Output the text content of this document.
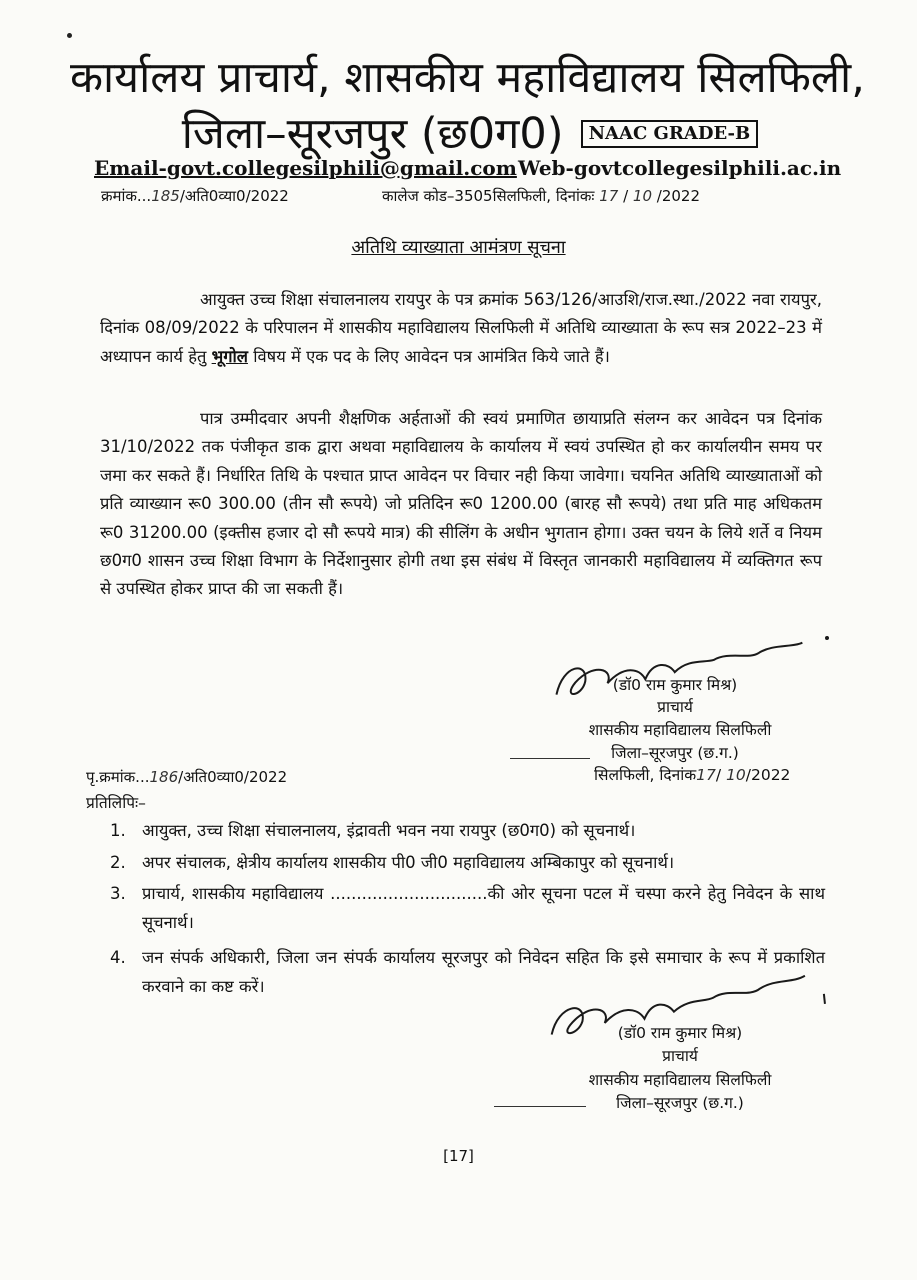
कार्यालय प्राचार्य, शासकीय महाविद्यालय सिलफिली,
जिला–सूरजपुर (छ0ग0) NAAC GRADE-B
Email-govt.collegesilphili@gmail.com Web-govtcollegesilphili.ac.in
क्रमांक...185/अति0व्या0/2022	कालेज कोड–3505सिलफिली, दिनांकः 17 / 10 /2022
अतिथि व्याख्याता आमंत्रण सूचना
आयुक्त उच्च शिक्षा संचालनालय रायपुर के पत्र क्रमांक 563/126/आउशि/राज.स्था./2022 नवा रायपुर, दिनांक 08/09/2022 के परिपालन में शासकीय महाविद्यालय सिलफिली में अतिथि व्याख्याता के रूप सत्र 2022–23 में अध्यापन कार्य हेतु भूगोल विषय में एक पद के लिए आवेदन पत्र आमंत्रित किये जाते हैं।
पात्र उम्मीदवार अपनी शैक्षणिक अर्हताओं की स्वयं प्रमाणित छायाप्रति संलग्न कर आवेदन पत्र दिनांक 31/10/2022 तक पंजीकृत डाक द्वारा अथवा महाविद्यालय के कार्यालय में स्वयं उपस्थित हो कर कार्यालयीन समय पर जमा कर सकते हैं। निर्धारित तिथि के पश्चात प्राप्त आवेदन पर विचार नही किया जावेगा। चयनित अतिथि व्याख्याताओं को प्रति व्याख्यान रू0 300.00 (तीन सौ रूपये) जो प्रतिदिन रू0 1200.00 (बारह सौ रूपये) तथा प्रति माह अधिकतम रू0 31200.00 (इक्तीस हजार दो सौ रूपये मात्र) की सीलिंग के अधीन भुगतान होगा। उक्त चयन के लिये शर्ते व नियम छ0ग0 शासन उच्च शिक्षा विभाग के निर्देशानुसार होगी तथा इस संबंध में विस्तृत जानकारी महाविद्यालय में व्यक्तिगत रूप से उपस्थित होकर प्राप्त की जा सकती हैं।
(डॉ0 राम कुमार मिश्र)
प्राचार्य
शासकीय महाविद्यालय सिलफिली
जिला–सूरजपुर (छ.ग.)
सिलफिली, दिनांक17/ 10/2022
पृ.क्रमांक...186/अति0व्या0/2022
प्रतिलिपिः–
1. आयुक्त, उच्च शिक्षा संचालनालय, इंद्रावती भवन नया रायपुर (छ0ग0) को सूचनार्थ।
2. अपर संचालक, क्षेत्रीय कार्यालय शासकीय पी0 जी0 महाविद्यालय अम्बिकापुर को सूचनार्थ।
3. प्राचार्य, शासकीय महाविद्यालय ..............................की ओर सूचना पटल में चस्पा करने हेतु निवेदन के साथ सूचनार्थ।
4. जन संपर्क अधिकारी, जिला जन संपर्क कार्यालय सूरजपुर को निवेदन सहित कि इसे समाचार के रूप में प्रकाशित करवाने का कष्ट करें।
(डॉ0 राम कुमार मिश्र)
प्राचार्य
शासकीय महाविद्यालय सिलफिली
जिला–सूरजपुर (छ.ग.)
[17]
